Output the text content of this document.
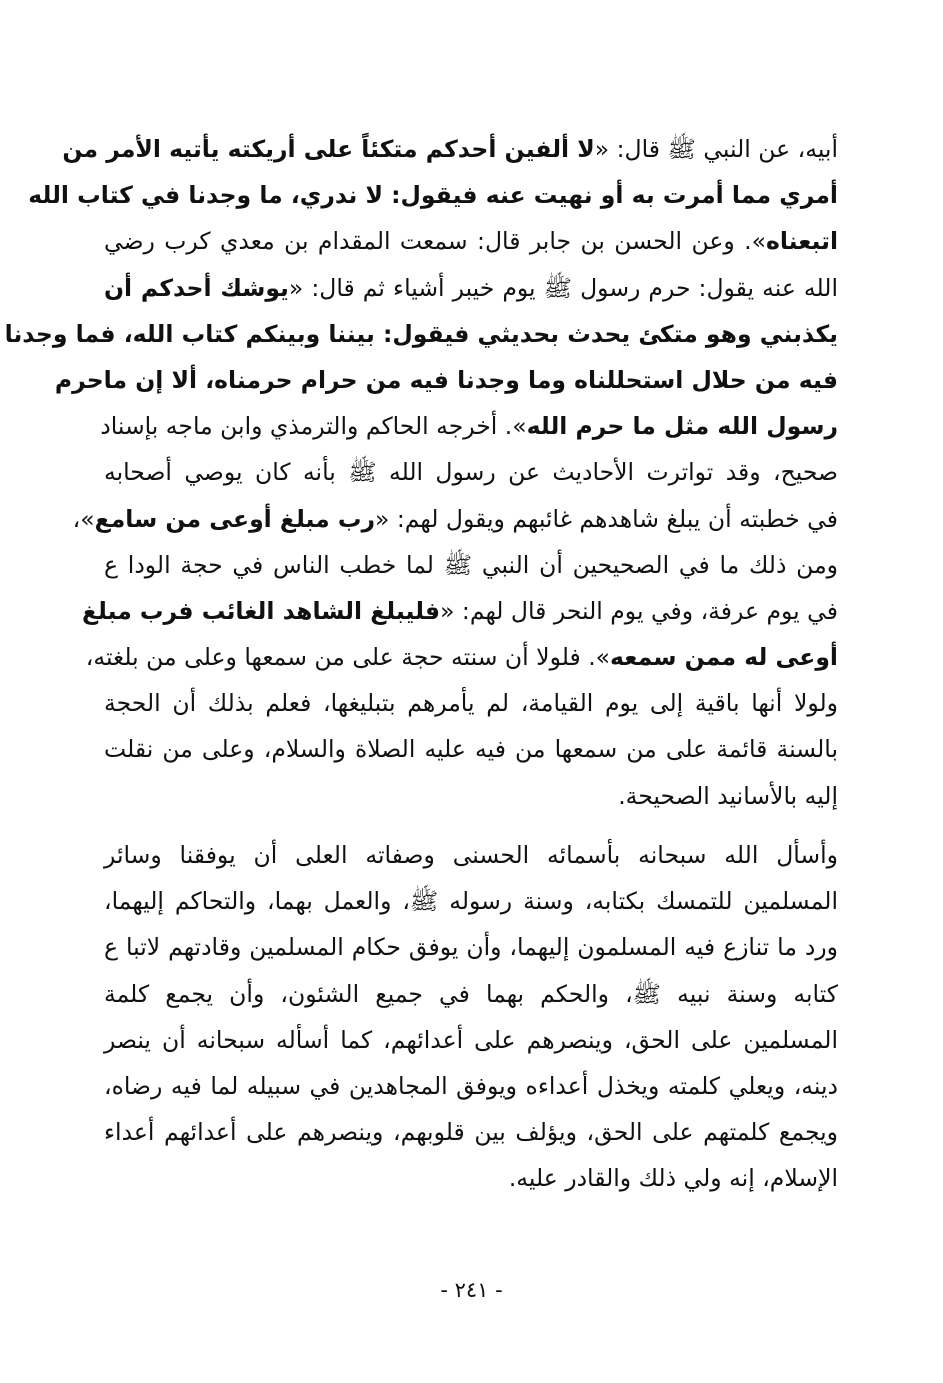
أبيه، عن النبي ﷺ قال: «لا ألفين أحدكم متكئاً على أريكته يأتيه الأمر من
أمري مما أمرت به أو نهيت عنه فيقول: لا ندري، ما وجدنا في كتاب الله
اتبعناه». وعن الحسن بن جابر قال: سمعت المقدام بن معدي كرب رضي
الله عنه يقول: حرم رسول ﷺ يوم خيبر أشياء ثم قال: «يوشك أحدكم أن
يكذبني وهو متكئ يحدث بحديثي فيقول: بيننا وبينكم كتاب الله، فما وجدنا
فيه من حلال استحللناه وما وجدنا فيه من حرام حرمناه، ألا إن ماحرم
رسول الله مثل ما حرم الله». أخرجه الحاكم والترمذي وابن ماجه بإسناد
صحيح، وقد تواترت الأحاديث عن رسول الله ﷺ بأنه كان يوصي أصحابه
في خطبته أن يبلغ شاهدهم غائبهم ويقول لهم: «رب مبلغ أوعى من سامع»،
ومن ذلك ما في الصحيحين أن النبي ﷺ لما خطب الناس في حجة الودا ع
في يوم عرفة، وفي يوم النحر قال لهم: «فليبلغ الشاهد الغائب فرب مبلغ
أوعى له ممن سمعه». فلولا أن سنته حجة على من سمعها وعلى من بلغته،
ولولا أنها باقية إلى يوم القيامة، لم يأمرهم بتبليغها، فعلم بذلك أن الحجة
بالسنة قائمة على من سمعها من فيه عليه الصلاة والسلام، وعلى من نقلت
إليه بالأسانيد الصحيحة.
وأسأل الله سبحانه بأسمائه الحسنى وصفاته العلى أن يوفقنا وسائر
المسلمين للتمسك بكتابه، وسنة رسوله ﷺ، والعمل بهما، والتحاكم إليهما،
ورد ما تنازع فيه المسلمون إليهما، وأن يوفق حكام المسلمين وقادتهم لاتبا ع
كتابه وسنة نبيه ﷺ، والحكم بهما في جميع الشئون، وأن يجمع كلمة
المسلمين على الحق، وينصرهم على أعدائهم، كما أسأله سبحانه أن ينصر
دينه، ويعلي كلمته ويخذل أعداءه ويوفق المجاهدين في سبيله لما فيه رضاه،
ويجمع كلمتهم على الحق، ويؤلف بين قلوبهم، وينصرهم على أعدائهم أعداء
الإسلام، إنه ولي ذلك والقادر عليه.
- ٢٤١ -
